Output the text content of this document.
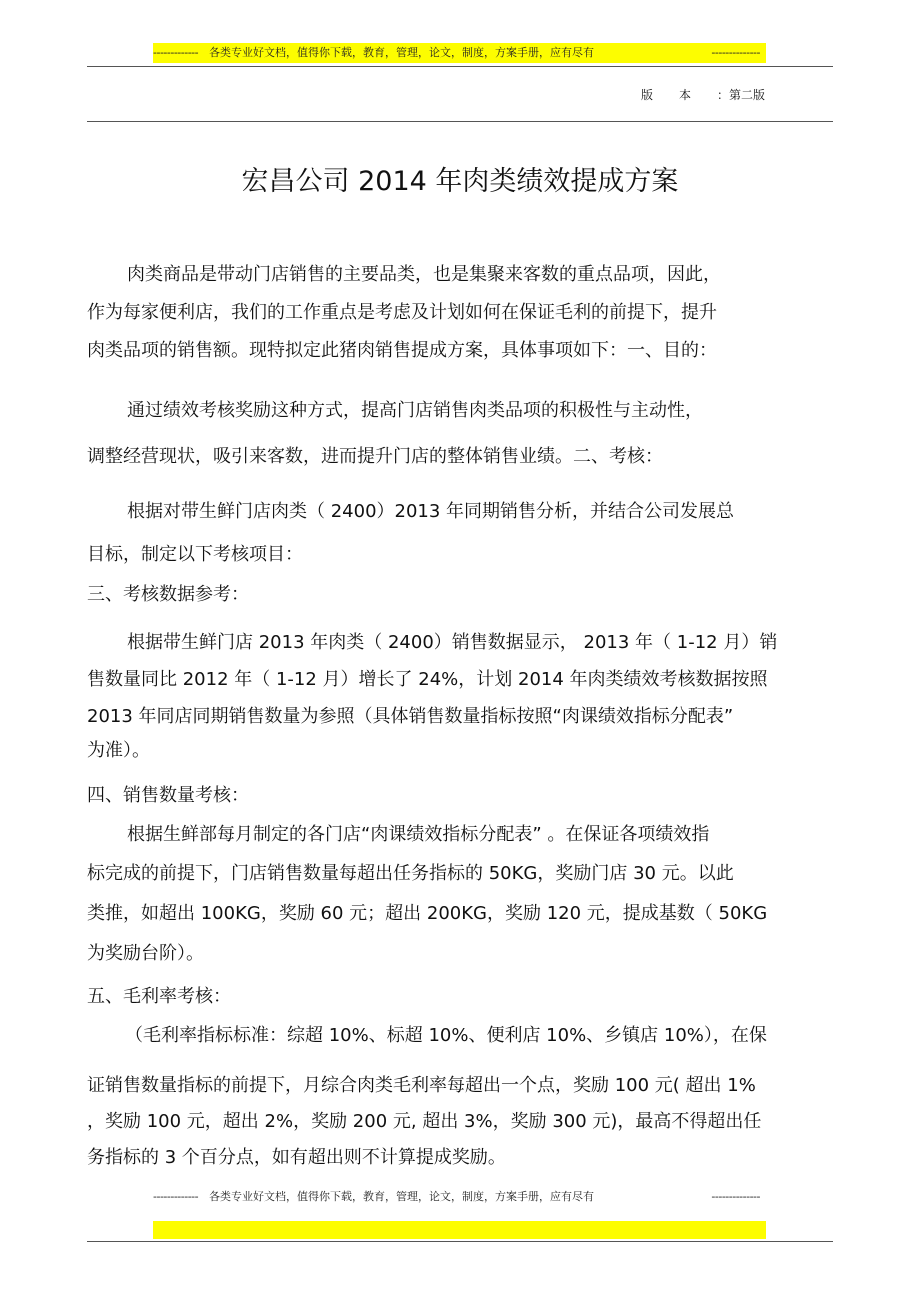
------------- 各类专业好文档，值得你下载，教育，管理，论文，制度，方案手册，应有尽有	--------------
版本：第二版
宏昌公司 2014 年肉类绩效提成方案

肉类商品是带动门店销售的主要品类，也是集聚来客数的重点品项，因此，

作为每家便利店，我们的工作重点是考虑及计划如何在保证毛利的前提下，提升

肉类品项的销售额。现特拟定此猪肉销售提成方案，具体事项如下：一、目的：

通过绩效考核奖励这种方式，提高门店销售肉类品项的积极性与主动性，

调整经营现状，吸引来客数，进而提升门店的整体销售业绩。二、考核：

根据对带生鲜门店肉类（ 2400）2013 年同期销售分析，并结合公司发展总

目标，制定以下考核项目：

三、考核数据参考：

根据带生鲜门店 2013 年肉类（ 2400）销售数据显示， 2013 年（ 1-12 月）销

售数量同比 2012 年（ 1-12 月）增长了 24%，计划 2014 年肉类绩效考核数据按照

2013 年同店同期销售数量为参照（具体销售数量指标按照“肉课绩效指标分配表”

为准）。

四、销售数量考核：

根据生鲜部每月制定的各门店“肉课绩效指标分配表” 。在保证各项绩效指

标完成的前提下，门店销售数量每超出任务指标的 50KG，奖励门店 30 元。以此

类推，如超出 100KG，奖励 60 元；超出 200KG，奖励 120 元，提成基数（ 50KG

为奖励台阶）。

五、毛利率考核：

（毛利率指标标准：综超 10%、标超 10%、便利店 10%、乡镇店 10%），在保

证销售数量指标的前提下，月综合肉类毛利率每超出一个点，奖励 100 元( 超出 1%

，奖励 100 元，超出 2%，奖励 200 元, 超出 3%，奖励 300 元)，最高不得超出任

务指标的 3 个百分点，如有超出则不计算提成奖励。

------------- 各类专业好文档，值得你下载，教育，管理，论文，制度，方案手册，应有尽有	--------------
